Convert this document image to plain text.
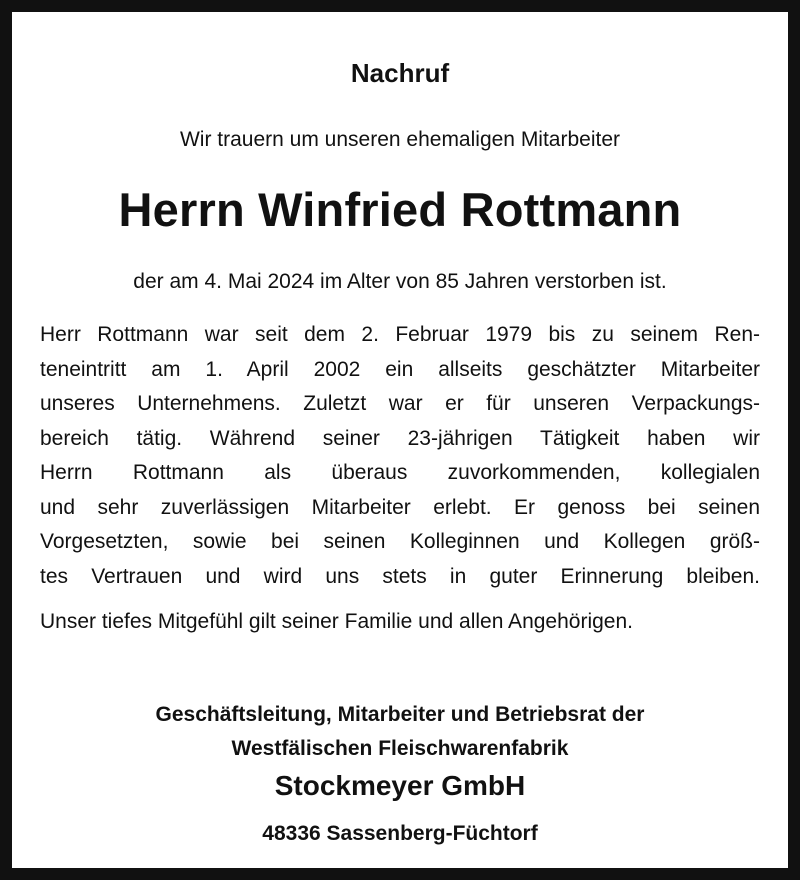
Nachruf
Wir trauern um unseren ehemaligen Mitarbeiter
Herrn Winfried Rottmann
der am 4. Mai 2024 im Alter von 85 Jahren verstorben ist.

Herr Rottmann war seit dem 2. Februar 1979 bis zu seinem Ren-

teneintritt am 1. April 2002 ein allseits geschätzter Mitarbeiter

unseres Unternehmens. Zuletzt war er für unseren Verpackungs-

bereich tätig. Während seiner 23-jährigen Tätigkeit haben wir

Herrn Rottmann als überaus zuvorkommenden, kollegialen

und sehr zuverlässigen Mitarbeiter erlebt. Er genoss bei seinen

Vorgesetzten, sowie bei seinen Kolleginnen und Kollegen größ-

tes Vertrauen und wird uns stets in guter Erinnerung bleiben.

Unser tiefes Mitgefühl gilt seiner Familie und allen Angehörigen.
Geschäftsleitung, Mitarbeiter und Betriebsrat der
Westfälischen Fleischwarenfabrik
Stockmeyer GmbH
48336 Sassenberg-Füchtorf
